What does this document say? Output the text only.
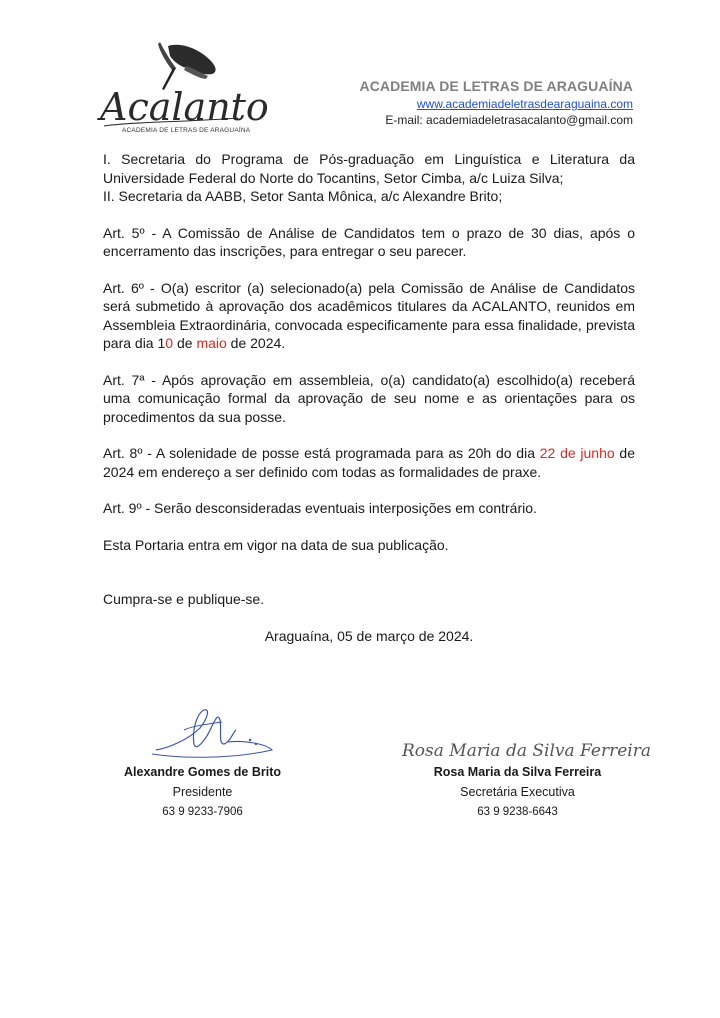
Acalanto
ACADEMIA DE LETRAS DE ARAGUAÍNA
ACADEMIA DE LETRAS DE ARAGUAÍNA
www.academiadeletrasdearaguaina.com
E-mail: academiadeletrasacalanto@gmail.com

I. Secretaria do Programa de Pós-graduação em Linguística e Literatura da Universidade Federal do Norte do Tocantins, Setor Cimba, a/c Luiza Silva;

II. Secretaria da AABB, Setor Santa Mônica, a/c Alexandre Brito;

Art. 5º - A Comissão de Análise de Candidatos tem o prazo de 30 dias, após o encerramento das inscrições, para entregar o seu parecer.

Art. 6º - O(a) escritor (a) selecionado(a) pela Comissão de Análise de Candidatos será submetido à aprovação dos acadêmicos titulares da ACALANTO, reunidos em Assembleia Extraordinária, convocada especificamente para essa finalidade, prevista para dia 10 de maio de 2024.

Art. 7ª - Após aprovação em assembleia, o(a) candidato(a) escolhido(a) receberá uma comunicação formal da aprovação de seu nome e as orientações para os procedimentos da sua posse.

Art. 8º - A solenidade de posse está programada para as 20h do dia 22 de junho de 2024 em endereço a ser definido com todas as formalidades de praxe.

Art. 9º - Serão desconsideradas eventuais interposições em contrário.

Esta Portaria entra em vigor na data de sua publicação.

Cumpra-se e publique-se.

Araguaína, 05 de março de 2024.

Rosa Maria da Silva Ferreira
Alexandre Gomes de Brito
Presidente
63 9 9233-7906
Rosa Maria da Silva Ferreira
Secretária Executiva
63 9 9238-6643
